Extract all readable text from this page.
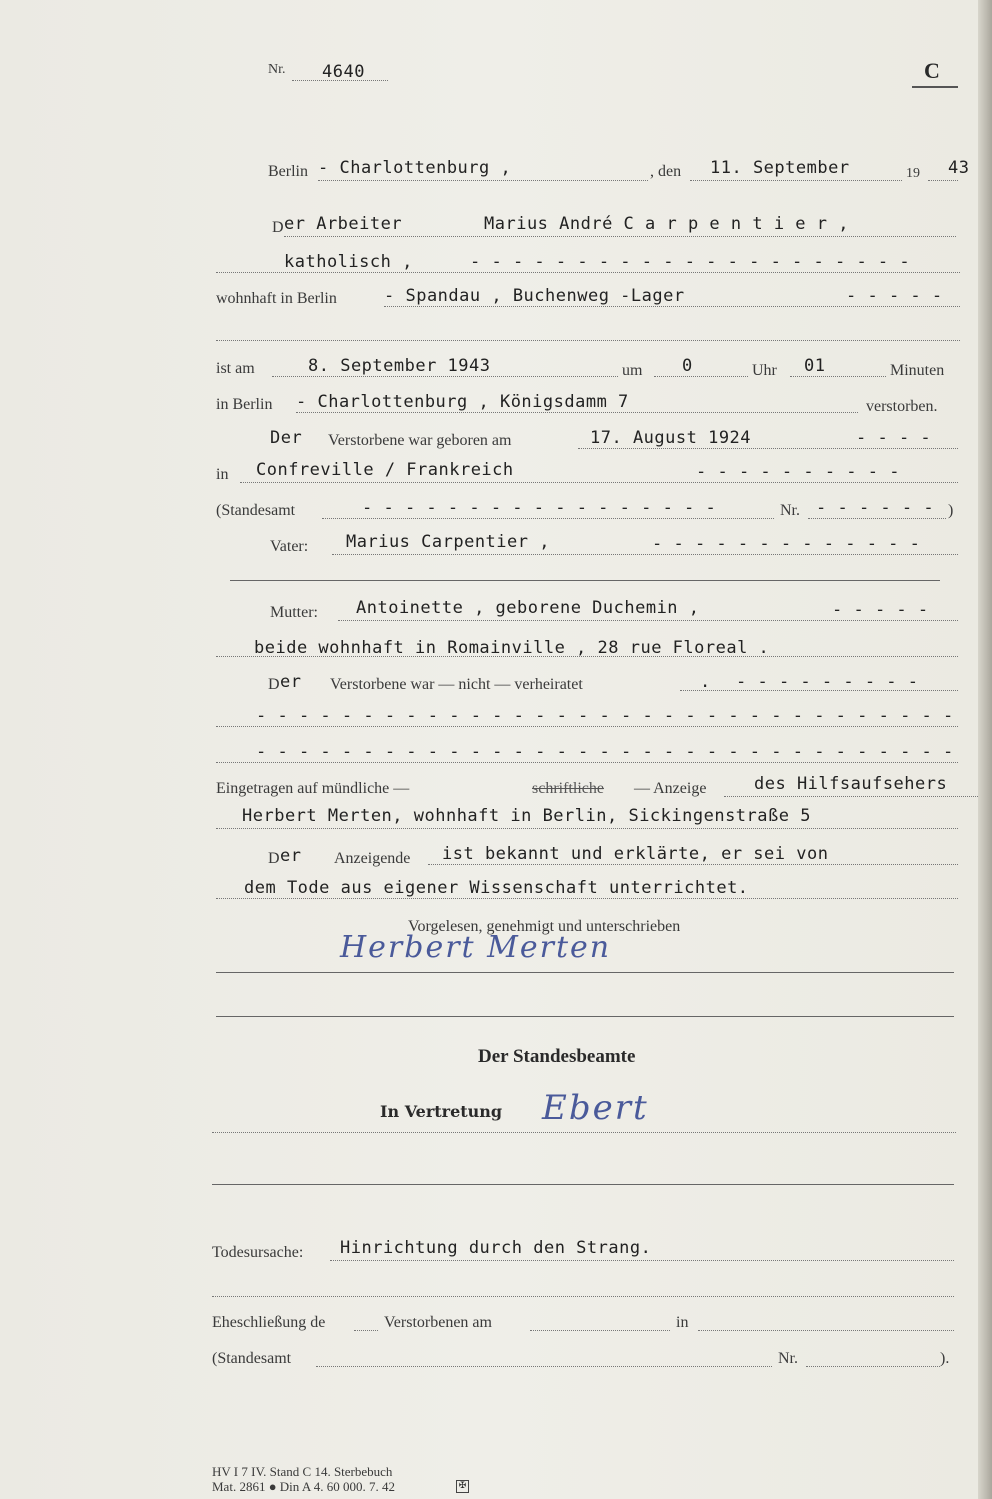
Nr. 4640	C
Berlin - Charlottenburg ,	, den 11. September	19 43
D er Arbeiter	Marius André C a r p e n t i e r ,
katholisch ,	- - - - - - - - - - - - - - - - - - - - -
wohnhaft in Berlin	- Spandau , Buchenweg -Lager	- - - - -
ist am	8. September 1943	um 0	Uhr 01	Minuten
in Berlin - Charlottenburg , Königsdamm 7	verstorben.
Der Verstorbene war geboren am	17. August 1924	- - - -
in Confreville / Frankreich	- - - - - - - - - -
(Standesamt	- - - - - - - - - - - - - - - - -	Nr. - - - - - - )
Vater: Marius Carpentier ,	- - - - - - - - - - - - -
Mutter: Antoinette , geborene Duchemin ,	- - - - -
beide wohnhaft in Romainville , 28 rue Floreal .
D er Verstorbene war — nicht — verheiratet	. - - - - - - - - -
- - - - - - - - - - - - - - - - - - - - - - - - - - - - - - - - -
- - - - - - - - - - - - - - - - - - - - - - - - - - - - - - - - -
Eingetragen auf mündliche —	schriftliche — Anzeige	des Hilfsaufsehers
Herbert Merten, wohnhaft in Berlin, Sickingenstraße 5
D er Anzeigende ist bekannt und erklärte, er sei von
dem Tode aus eigener Wissenschaft unterrichtet.
Vorgelesen, genehmigt und unterschrieben
Herbert Merten
Der Standesbeamte
In Vertretung Ebert
Todesursache: Hinrichtung durch den Strang.
Eheschließung de	Verstorbenen am	in
(Standesamt	Nr.	).
HV I 7 IV. Stand C 14. Sterbebuch
Mat. 2861 ● Din A 4. 60 000. 7. 42	✠
